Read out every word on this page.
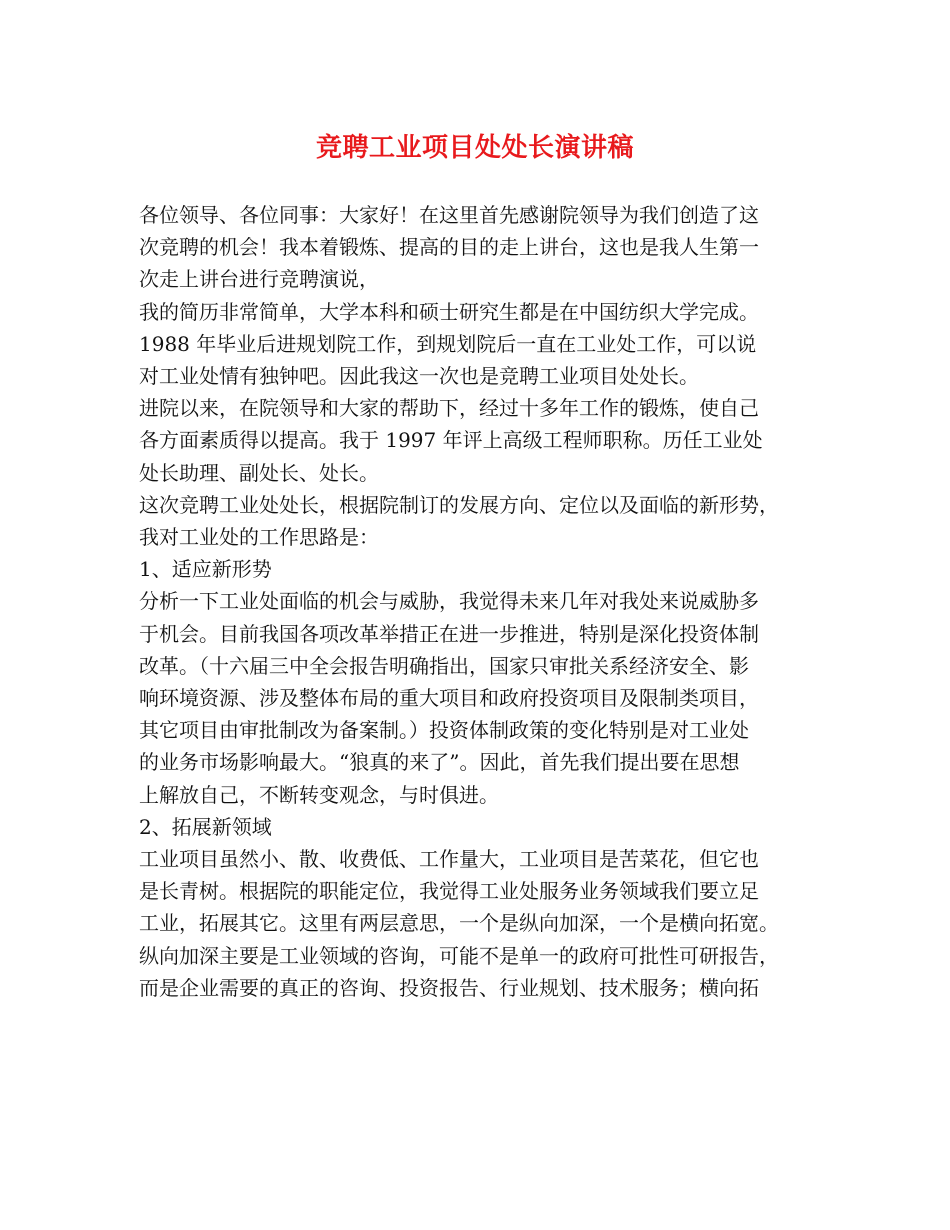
竞聘工业项目处处长演讲稿
各位领导、各位同事：大家好！在这里首先感谢院领导为我们创造了这
次竞聘的机会！我本着锻炼、提高的目的走上讲台，这也是我人生第一
次走上讲台进行竞聘演说，
我的简历非常简单，大学本科和硕士研究生都是在中国纺织大学完成。
1988 年毕业后进规划院工作，到规划院后一直在工业处工作，可以说
对工业处情有独钟吧。因此我这一次也是竞聘工业项目处处长。
进院以来，在院领导和大家的帮助下，经过十多年工作的锻炼，使自己
各方面素质得以提高。我于 1997 年评上高级工程师职称。历任工业处
处长助理、副处长、处长。
这次竞聘工业处处长，根据院制订的发展方向、定位以及面临的新形势，
我对工业处的工作思路是：
1、适应新形势
分析一下工业处面临的机会与威胁，我觉得未来几年对我处来说威胁多
于机会。目前我国各项改革举措正在进一步推进，特别是深化投资体制
改革。（十六届三中全会报告明确指出，国家只审批关系经济安全、影
响环境资源、涉及整体布局的重大项目和政府投资项目及限制类项目，
其它项目由审批制改为备案制。）投资体制政策的变化特别是对工业处
的业务市场影响最大。“狼真的来了”。因此，首先我们提出要在思想
上解放自己，不断转变观念，与时俱进。
2、拓展新领域
工业项目虽然小、散、收费低、工作量大，工业项目是苦菜花，但它也
是长青树。根据院的职能定位，我觉得工业处服务业务领域我们要立足
工业，拓展其它。这里有两层意思，一个是纵向加深，一个是横向拓宽。
纵向加深主要是工业领域的咨询，可能不是单一的政府可批性可研报告，
而是企业需要的真正的咨询、投资报告、行业规划、技术服务；横向拓
